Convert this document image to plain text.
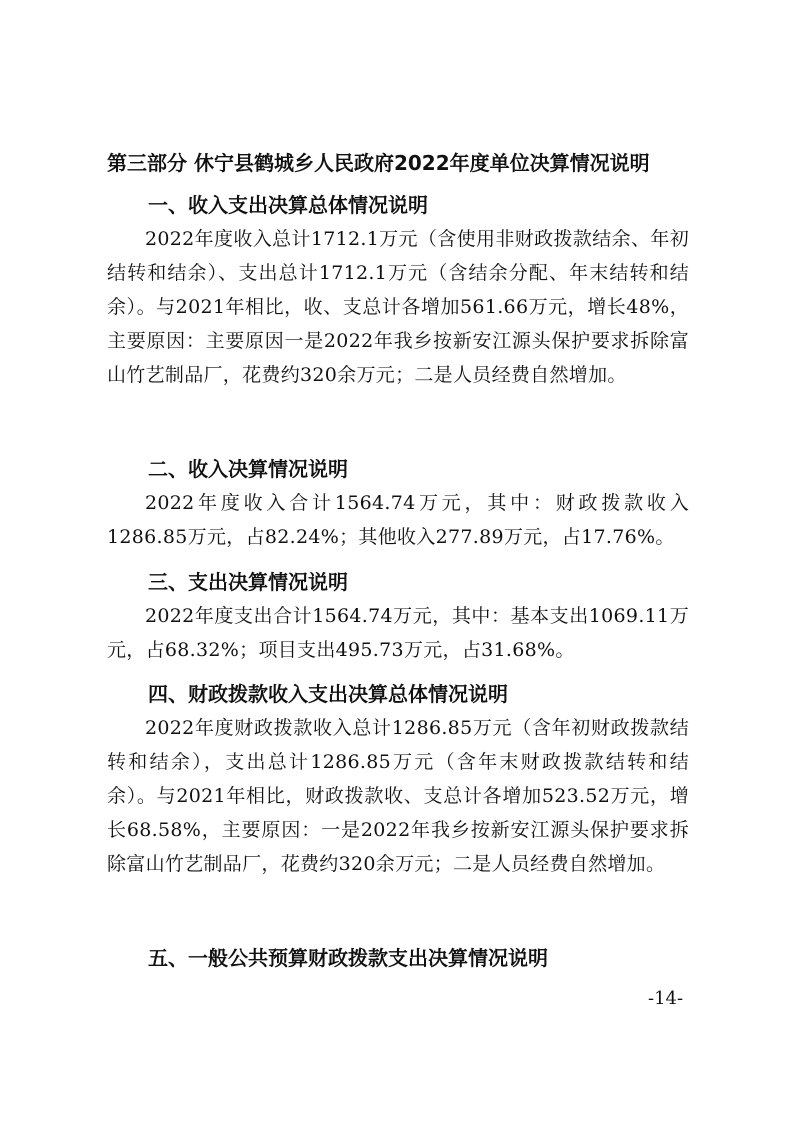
第三部分 休宁县鹤城乡人民政府2022年度单位决算情况说明
一、收入支出决算总体情况说明

2022年度收入总计1712.1万元（含使用非财政拨款结余、年初结转和结余）、支出总计1712.1万元（含结余分配、年末结转和结余）。与2021年相比，收、支总计各增加561.66万元，增长48%，主要原因：主要原因一是2022年我乡按新安江源头保护要求拆除富山竹艺制品厂，花费约320余万元；二是人员经费自然增加。

二、收入决算情况说明

2022年度收入合计1564.74万元，其中：财政拨款收入1286.85万元，占82.24%；其他收入277.89万元，占17.76%。

三、支出决算情况说明

2022年度支出合计1564.74万元，其中：基本支出1069.11万元，占68.32%；项目支出495.73万元，占31.68%。

四、财政拨款收入支出决算总体情况说明

2022年度财政拨款收入总计1286.85万元（含年初财政拨款结转和结余），支出总计1286.85万元（含年末财政拨款结转和结余）。与2021年相比，财政拨款收、支总计各增加523.52万元，增长68.58%，主要原因：一是2022年我乡按新安江源头保护要求拆除富山竹艺制品厂，花费约320余万元；二是人员经费自然增加。

五、一般公共预算财政拨款支出决算情况说明
-14-
